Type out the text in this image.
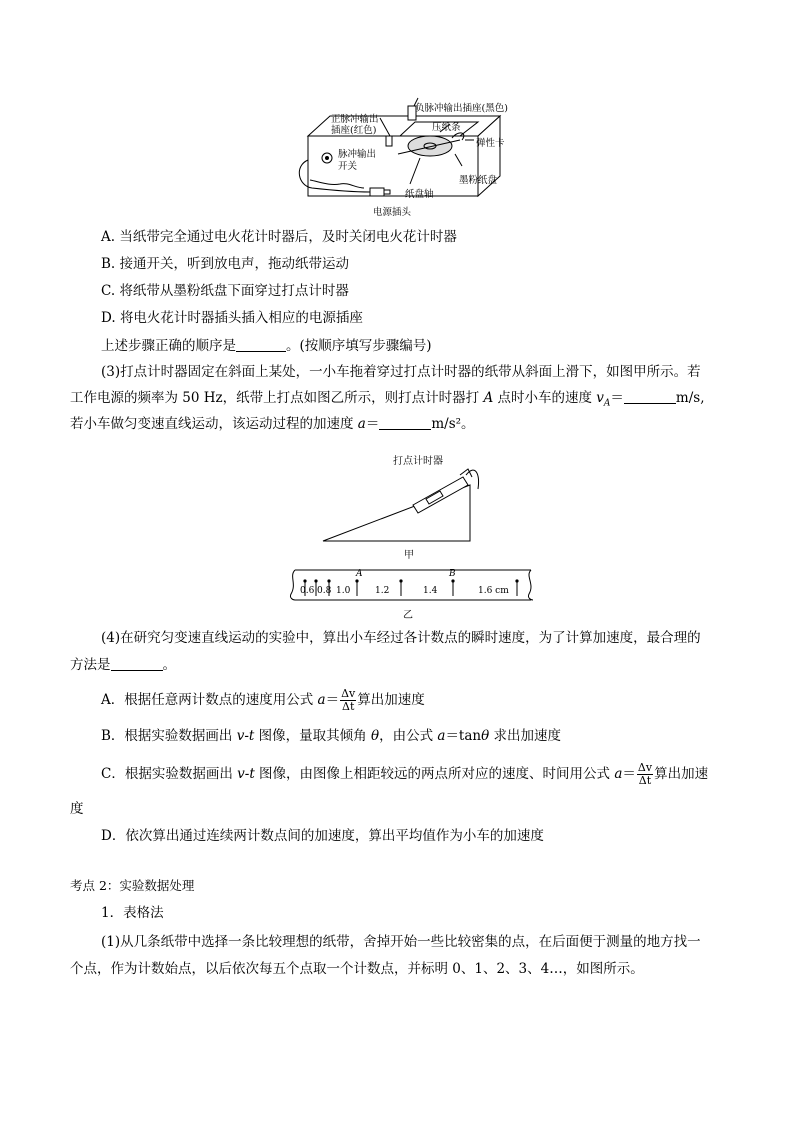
负脉冲输出插座(黑色)
正脉冲输出
插座(红色)	压纸条
脉冲输出
开关
弹性卡
墨粉纸盘
纸盘轴
电源插头
A. 当纸带完全通过电火花计时器后，及时关闭电火花计时器
B. 接通开关，听到放电声，拖动纸带运动
C. 将纸带从墨粉纸盘下面穿过打点计时器
D. 将电火花计时器插头插入相应的电源插座
上述步骤正确的顺序是	。(按顺序填写步骤编号)
(3)打点计时器固定在斜面上某处，一小车拖着穿过打点计时器的纸带从斜面上滑下，如图甲所示。若
工作电源的频率为 50 Hz，纸带上打点如图乙所示，则打点计时器打 A 点时小车的速度 $v_A=$	m/s,
若小车做匀变速直线运动，该运动过程的加速度 a＝	m/s²。
打点计时器
甲
0.6 0.8 1.0	1.2	1.4	1.6 cm
A	B
乙
(4)在研究匀变速直线运动的实验中，算出小车经过各计数点的瞬时速度，为了计算加速度，最合理的
方法是	。
A．根据任意两计数点的速度用公式 $a= \frac{\Delta v}{\Delta t}$ 算出加速度
B．根据实验数据画出 v-t 图像，量取其倾角 θ，由公式 a＝tanθ 求出加速度
C．根据实验数据画出 v-t 图像，由图像上相距较远的两点所对应的速度、时间用公式 $a= \frac{\Delta v}{\Delta t}$ 算出加速
度
D．依次算出通过连续两计数点间的加速度，算出平均值作为小车的加速度
考点 2：实验数据处理
1．表格法
(1)从几条纸带中选择一条比较理想的纸带，舍掉开始一些比较密集的点，在后面便于测量的地方找一
个点，作为计数始点，以后依次每五个点取一个计数点，并标明 0、1、2、3、4…，如图所示。
